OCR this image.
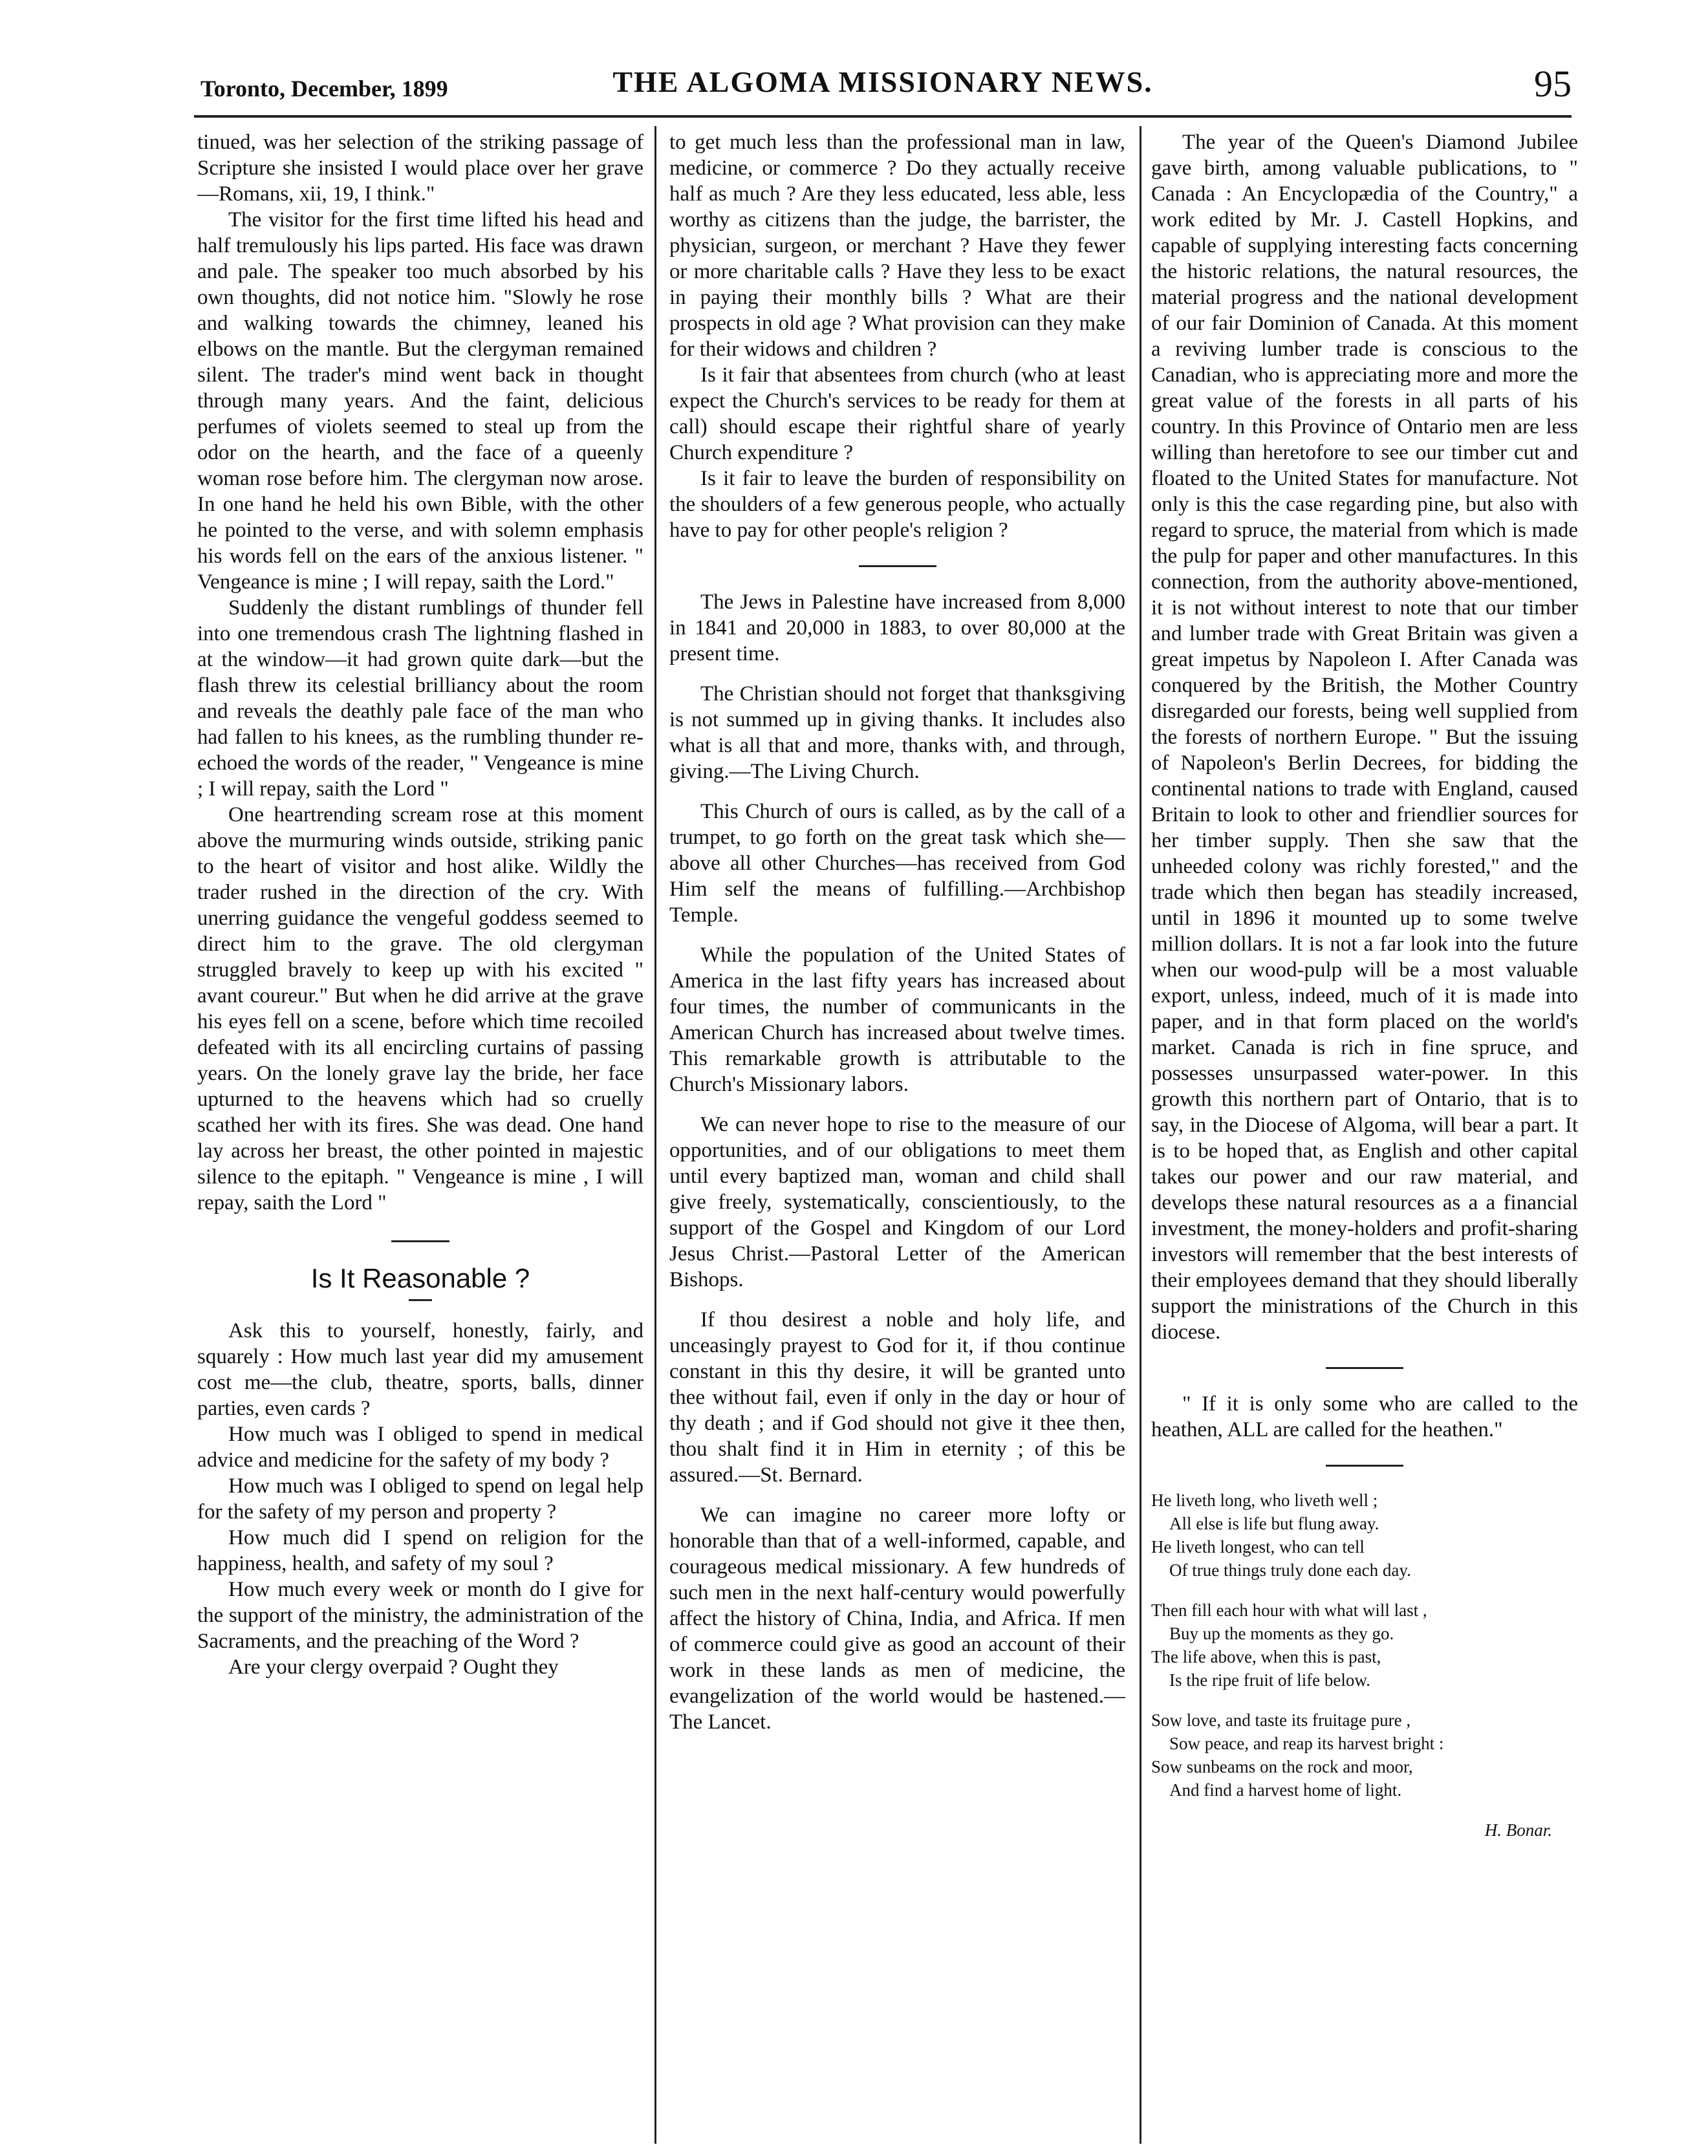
Toronto, December, 1899	THE ALGOMA MISSIONARY NEWS.	95

tinued, was her selection of the striking passage of Scripture she insisted I would place over her grave—Romans, xii, 19, I think."

The visitor for the first time lifted his head and half tremulously his lips parted. His face was drawn and pale. The speaker too much absorbed by his own thoughts, did not notice him. "Slowly he rose and walking towards the chimney, leaned his elbows on the mantle. But the clergyman remained silent. The trader's mind went back in thought through many years. And the faint, delicious perfumes of violets seemed to steal up from the odor on the hearth, and the face of a queenly woman rose before him. The clergyman now arose. In one hand he held his own Bible, with the other he pointed to the verse, and with solemn emphasis his words fell on the ears of the anxious listener. " Vengeance is mine ; I will repay, saith the Lord."

Suddenly the distant rumblings of thunder fell into one tremendous crash The lightning flashed in at the window—it had grown quite dark—but the flash threw its celestial brilliancy about the room and reveals the deathly pale face of the man who had fallen to his knees, as the rumbling thunder re-echoed the words of the reader, " Vengeance is mine ; I will repay, saith the Lord "

One heartrending scream rose at this moment above the murmuring winds outside, striking panic to the heart of visitor and host alike. Wildly the trader rushed in the direction of the cry. With unerring guidance the vengeful goddess seemed to direct him to the grave. The old clergyman struggled bravely to keep up with his excited " avant coureur." But when he did arrive at the grave his eyes fell on a scene, before which time recoiled defeated with its all encircling curtains of passing years. On the lonely grave lay the bride, her face upturned to the heavens which had so cruelly scathed her with its fires. She was dead. One hand lay across her breast, the other pointed in majestic silence to the epitaph. " Vengeance is mine , I will repay, saith the Lord "

Is It Reasonable ?

Ask this to yourself, honestly, fairly, and squarely : How much last year did my amusement cost me—the club, theatre, sports, balls, dinner parties, even cards ?

How much was I obliged to spend in medical advice and medicine for the safety of my body ?

How much was I obliged to spend on legal help for the safety of my person and property ?

How much did I spend on religion for the happiness, health, and safety of my soul ?

How much every week or month do I give for the support of the ministry, the administration of the Sacraments, and the preaching of the Word ?

Are your clergy overpaid ? Ought they

to get much less than the professional man in law, medicine, or commerce ? Do they actually receive half as much ? Are they less educated, less able, less worthy as citizens than the judge, the barrister, the physician, surgeon, or merchant ? Have they fewer or more charitable calls ? Have they less to be exact in paying their monthly bills ? What are their prospects in old age ? What provision can they make for their widows and children ?

Is it fair that absentees from church (who at least expect the Church's services to be ready for them at call) should escape their rightful share of yearly Church expenditure ?

Is it fair to leave the burden of responsibility on the shoulders of a few generous people, who actually have to pay for other people's religion ?

The Jews in Palestine have increased from 8,000 in 1841 and 20,000 in 1883, to over 80,000 at the present time.

The Christian should not forget that thanksgiving is not summed up in giving thanks. It includes also what is all that and more, thanks with, and through, giving.—The Living Church.

This Church of ours is called, as by the call of a trumpet, to go forth on the great task which she—above all other Churches—has received from God Him self the means of fulfilling.—Archbishop Temple.

While the population of the United States of America in the last fifty years has increased about four times, the number of communicants in the American Church has increased about twelve times. This remarkable growth is attributable to the Church's Missionary labors.

We can never hope to rise to the measure of our opportunities, and of our obligations to meet them until every baptized man, woman and child shall give freely, systematically, conscientiously, to the support of the Gospel and Kingdom of our Lord Jesus Christ.—Pastoral Letter of the American Bishops.

If thou desirest a noble and holy life, and unceasingly prayest to God for it, if thou continue constant in this thy desire, it will be granted unto thee without fail, even if only in the day or hour of thy death ; and if God should not give it thee then, thou shalt find it in Him in eternity ; of this be assured.—St. Bernard.

We can imagine no career more lofty or honorable than that of a well-informed, capable, and courageous medical missionary. A few hundreds of such men in the next half-century would powerfully affect the history of China, India, and Africa. If men of commerce could give as good an account of their work in these lands as men of medicine, the evangelization of the world would be hastened.—The Lancet.

The year of the Queen's Diamond Jubilee gave birth, among valuable publications, to " Canada : An Encyclopædia of the Country," a work edited by Mr. J. Castell Hopkins, and capable of supplying interesting facts concerning the historic relations, the natural resources, the material progress and the national development of our fair Dominion of Canada. At this moment a reviving lumber trade is conscious to the Canadian, who is appreciating more and more the great value of the forests in all parts of his country. In this Province of Ontario men are less willing than heretofore to see our timber cut and floated to the United States for manufacture. Not only is this the case regarding pine, but also with regard to spruce, the material from which is made the pulp for paper and other manufactures. In this connection, from the authority above-mentioned, it is not without interest to note that our timber and lumber trade with Great Britain was given a great impetus by Napoleon I. After Canada was conquered by the British, the Mother Country disregarded our forests, being well supplied from the forests of northern Europe. " But the issuing of Napoleon's Berlin Decrees, for bidding the continental nations to trade with England, caused Britain to look to other and friendlier sources for her timber supply. Then she saw that the unheeded colony was richly forested," and the trade which then began has steadily increased, until in 1896 it mounted up to some twelve million dollars. It is not a far look into the future when our wood-pulp will be a most valuable export, unless, indeed, much of it is made into paper, and in that form placed on the world's market. Canada is rich in fine spruce, and possesses unsurpassed water-power. In this growth this northern part of Ontario, that is to say, in the Diocese of Algoma, will bear a part. It is to be hoped that, as English and other capital takes our power and our raw material, and develops these natural resources as a a financial investment, the money-holders and profit-sharing investors will remember that the best interests of their employees demand that they should liberally support the ministrations of the Church in this diocese.

" If it is only some who are called to the heathen, ALL are called for the heathen."

He liveth long, who liveth well ;
All else is life but flung away.
He liveth longest, who can tell
Of true things truly done each day.
Then fill each hour with what will last ,
Buy up the moments as they go.
The life above, when this is past,
Is the ripe fruit of life below.
Sow love, and taste its fruitage pure ,
Sow peace, and reap its harvest bright :
Sow sunbeams on the rock and moor,
And find a harvest home of light.
H. Bonar.
